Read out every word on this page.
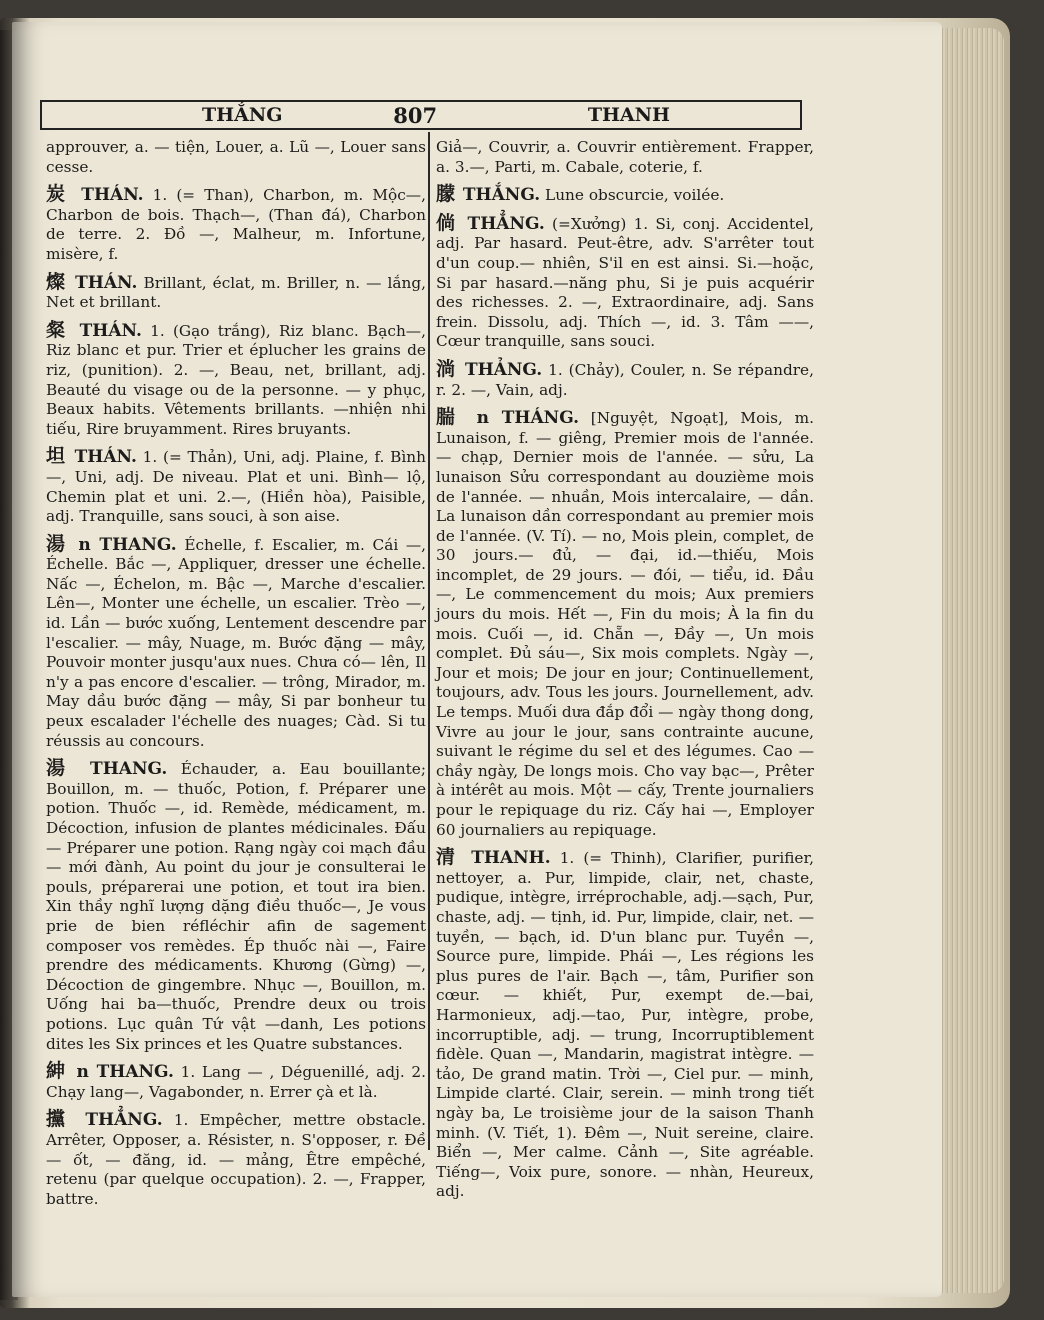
THẮNG	807	THANH
approuver, a. — tiện, Louer, a. Lũ —, Louer sans cesse.
炭 THÁN. 1. (= Than), Charbon, m. Mộc—, Charbon de bois. Thạch—, (Than đá), Charbon de terre. 2. Đồ —, Malheur, m. Infortune, misère, f.
燦 THÁN. Brillant, éclat, m. Briller, n. — lắng, Net et brillant.
粲 THÁN. 1. (Gạo trắng), Riz blanc. Bạch—, Riz blanc et pur. Trier et éplucher les grains de riz, (punition). 2. —, Beau, net, brillant, adj. Beauté du visage ou de la personne. — y phục, Beaux habits. Vêtements brillants. —nhiện nhi tiếu, Rire bruyamment. Rires bruyants.
坦 THÁN. 1. (= Thản), Uni, adj. Plaine, f. Bình —, Uni, adj. De niveau. Plat et uni. Bình— lộ, Chemin plat et uni. 2.—, (Hiền hòa), Paisible, adj. Tranquille, sans souci, à son aise.
湯 n THANG. Échelle, f. Escalier, m. Cái —, Échelle. Bắc —, Appliquer, dresser une échelle. Nấc —, Échelon, m. Bậc —, Marche d'escalier. Lên—, Monter une échelle, un escalier. Trèo —, id. Lần — bước xuống, Lentement descendre par l'escalier. — mây, Nuage, m. Bước đặng — mây, Pouvoir monter jusqu'aux nues. Chưa có— lên, Il n'y a pas encore d'escalier. — trông, Mirador, m. May dầu bước đặng — mây, Si par bonheur tu peux escalader l'échelle des nuages; Càd. Si tu réussis au concours.
湯 THANG. Échauder, a. Eau bouillante; Bouillon, m. — thuốc, Potion, f. Préparer une potion. Thuốc —, id. Remède, médicament, m. Décoction, infusion de plantes médicinales. Đấu— Préparer une potion. Rạng ngày coi mạch đầu — mới đành, Au point du jour je consulterai le pouls, préparerai une potion, et tout ira bien. Xin thầy nghĩ lượng dặng điều thuốc—, Je vous prie de bien réfléchir afin de sagement composer vos remèdes. Ép thuốc nài —, Faire prendre des médicaments. Khương (Gừng) —, Décoction de gingembre. Nhục —, Bouillon, m. Uống hai ba—thuốc, Prendre deux ou trois potions. Lục quân Tứ vật —danh, Les potions dites les Six princes et les Quatre substances.
紳 n THANG. 1. Lang — , Déguenillé, adj. 2. Chạy lang—, Vagabonder, n. Errer çà et là.
攩 THẲNG. 1. Empêcher, mettre obstacle. Arrêter, Opposer, a. Résister, n. S'opposer, r. Đề — ốt, — đăng, id. — mảng, Être empêché, retenu (par quelque occupation). 2. —, Frapper, battre.
Giả—, Couvrir, a. Couvrir entièrement. Frapper, a. 3.—, Parti, m. Cabale, coterie, f.
朦 THẮNG. Lune obscurcie, voilée.
倘 THẲNG. (=Xưởng) 1. Si, conj. Accidentel, adj. Par hasard. Peut-être, adv. S'arrêter tout d'un coup.— nhiên, S'il en est ainsi. Si.—hoặc, Si par hasard.—năng phu, Si je puis acquérir des richesses. 2. —, Extraordinaire, adj. Sans frein. Dissolu, adj. Thích —, id. 3. Tâm ——, Cœur tranquille, sans souci.
淌 THẢNG. 1. (Chảy), Couler, n. Se répandre, r. 2. —, Vain, adj.
腨 n THÁNG. [Nguyệt, Ngoạt], Mois, m. Lunaison, f. — giêng, Premier mois de l'année. — chạp, Dernier mois de l'année. — sửu, La lunaison Sửu correspondant au douzième mois de l'année. — nhuần, Mois intercalaire, — dần. La lunaison dần correspondant au premier mois de l'année. (V. Tí). — no, Mois plein, complet, de 30 jours.— đủ, — đại, id.—thiếu, Mois incomplet, de 29 jours. — đói, — tiểu, id. Đầu —, Le commencement du mois; Aux premiers jours du mois. Hết —, Fin du mois; À la fin du mois. Cuối —, id. Chẵn —, Đầy —, Un mois complet. Đủ sáu—, Six mois complets. Ngày —, Jour et mois; De jour en jour; Continuellement, toujours, adv. Tous les jours. Journellement, adv. Le temps. Muối dưa đắp đổi — ngày thong dong, Vivre au jour le jour, sans contrainte aucune, suivant le régime du sel et des légumes. Cao —chầy ngày, De longs mois. Cho vay bạc—, Prêter à intérêt au mois. Một — cấy, Trente journaliers pour le repiquage du riz. Cấy hai —, Employer 60 journaliers au repiquage.
清 THANH. 1. (= Thinh), Clarifier, purifier, nettoyer, a. Pur, limpide, clair, net, chaste, pudique, intègre, irréprochable, adj.—sạch, Pur, chaste, adj. — tịnh, id. Pur, limpide, clair, net. —tuyền, — bạch, id. D'un blanc pur. Tuyền —, Source pure, limpide. Phái —, Les régions les plus pures de l'air. Bạch —, tâm, Purifier son cœur. — khiết, Pur, exempt de.—bai, Harmonieux, adj.—tao, Pur, intègre, probe, incorruptible, adj. — trung, Incorruptiblement fidèle. Quan —, Mandarin, magistrat intègre. — tảo, De grand matin. Trời —, Ciel pur. — minh, Limpide clarté. Clair, serein. — minh trong tiết ngày ba, Le troisième jour de la saison Thanh minh. (V. Tiết, 1). Đêm —, Nuit sereine, claire. Biển —, Mer calme. Cảnh —, Site agréable. Tiếng—, Voix pure, sonore. — nhàn, Heureux, adj.
